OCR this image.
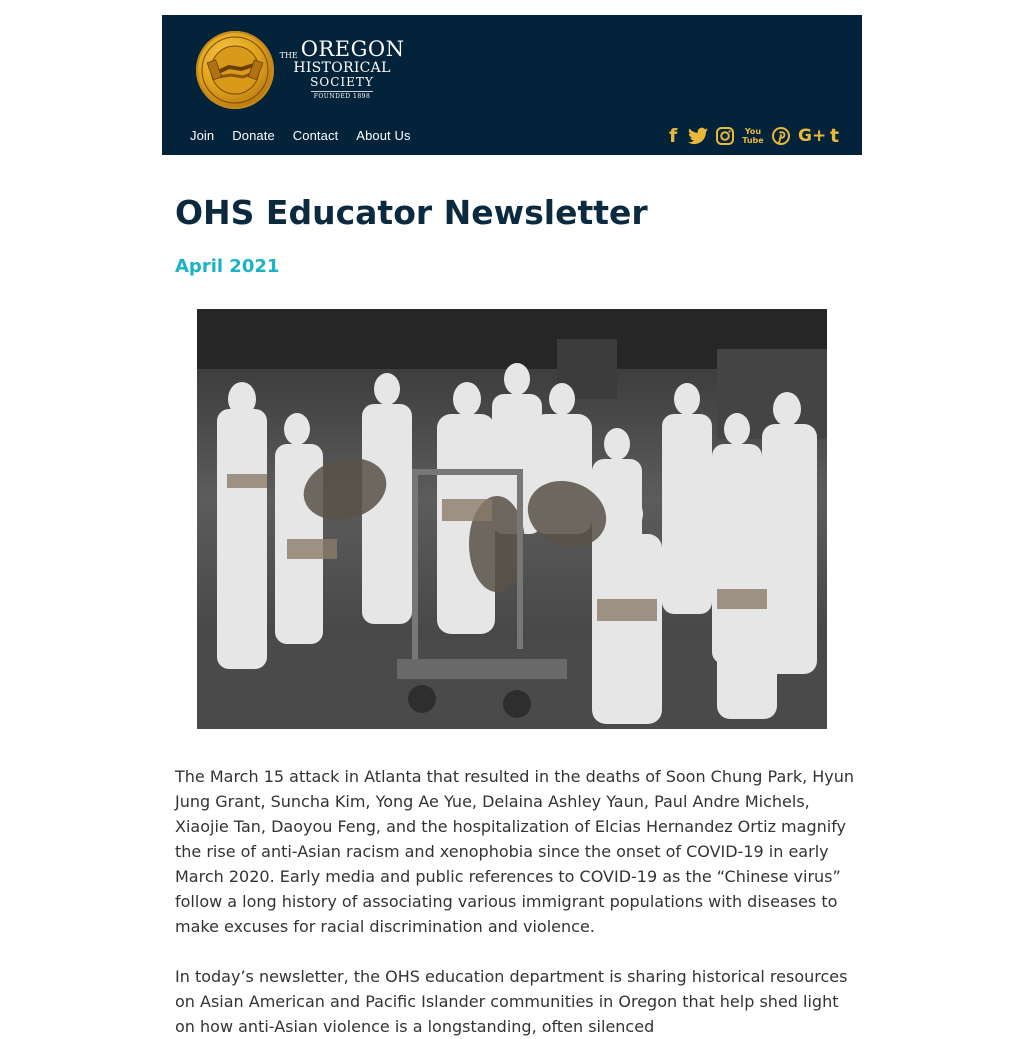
THE OREGON
HISTORICAL
SOCIETY
FOUNDED 1898
Join Donate Contact About Us	f	You Tube G+ t
OHS Educator Newsletter
April 2021

The March 15 attack in Atlanta that resulted in the deaths of Soon Chung Park, Hyun Jung Grant, Suncha Kim, Yong Ae Yue, Delaina Ashley Yaun, Paul Andre Michels, Xiaojie Tan, Daoyou Feng, and the hospitalization of Elcias Hernandez Ortiz magnify the rise of anti-Asian racism and xenophobia since the onset of COVID-19 in early March 2020. Early media and public references to COVID-19 as the “Chinese virus” follow a long history of associating various immigrant populations with diseases to make excuses for racial discrimination and violence.

In today’s newsletter, the OHS education department is sharing historical resources on Asian American and Pacific Islander communities in Oregon that help shed light on how anti-Asian violence is a longstanding, often silenced
